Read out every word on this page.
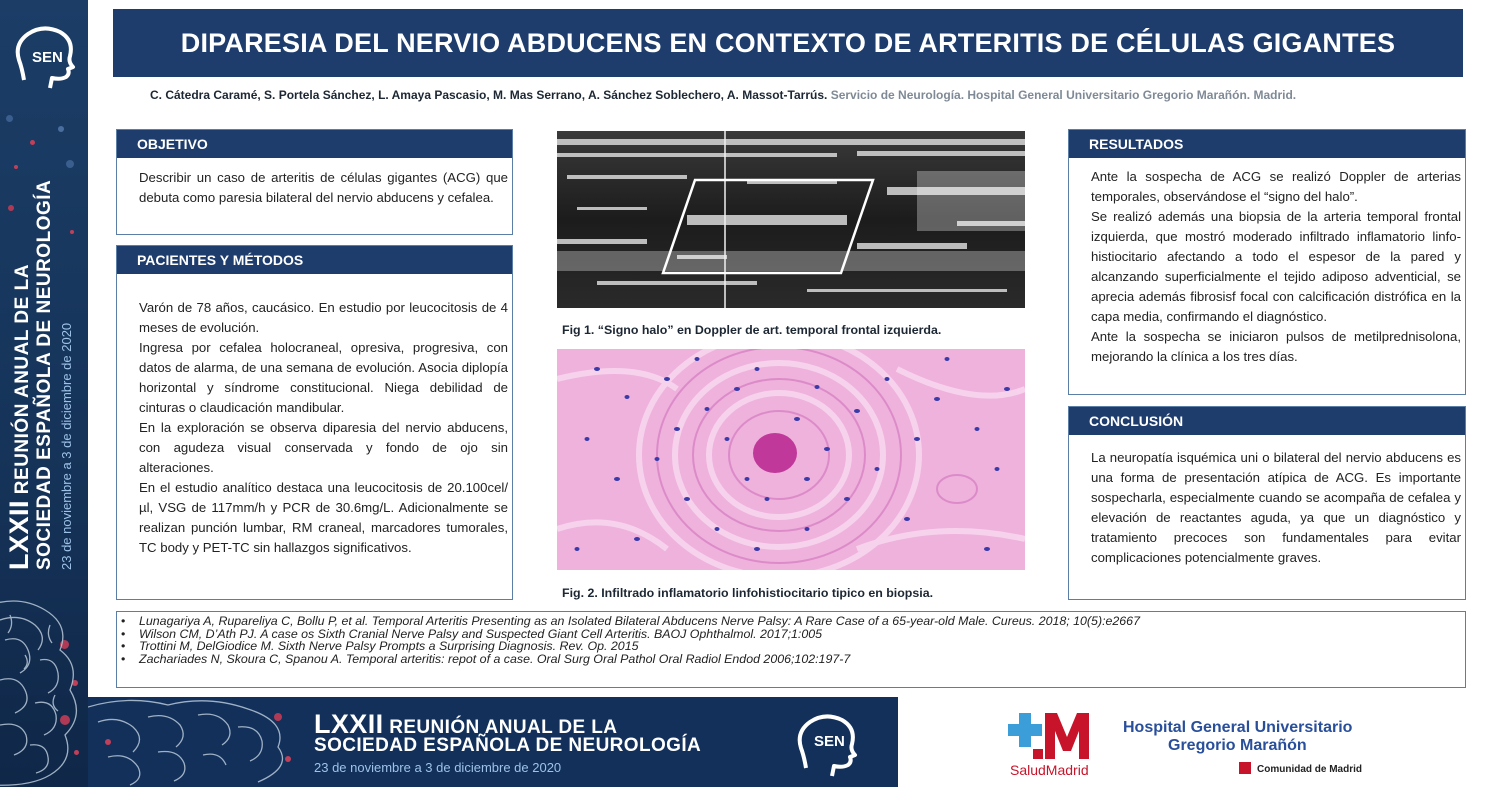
SEN
LXXII REUNIÓN ANUAL DE LA SOCIEDAD ESPAÑOLA DE NEUROLOGÍA 23 de noviembre a 3 de diciembre de 2020
DIPARESIA DEL NERVIO ABDUCENS EN CONTEXTO DE ARTERITIS DE CÉLULAS GIGANTES
C. Cátedra Caramé, S. Portela Sánchez, L. Amaya Pascasio, M. Mas Serrano, A. Sánchez Soblechero, A. Massot-Tarrús. Servicio de Neurología. Hospital General Universitario Gregorio Marañón. Madrid.
OBJETIVO

Describir un caso de arteritis de células gigantes (ACG) que debuta como paresia bilateral del nervio abducens y cefalea.

PACIENTES Y MÉTODOS

Varón de 78 años, caucásico. En estudio por leucocitosis de 4 meses de evolución.

Ingresa por cefalea holocraneal, opresiva, progresiva, con datos de alarma, de una semana de evolución. Asocia diplopía horizontal y síndrome constitucional. Niega debilidad de cinturas o claudicación mandibular.

En la exploración se observa diparesia del nervio abducens, con agudeza visual conservada y fondo de ojo sin alteraciones.

En el estudio analítico destaca una leucocitosis de 20.100cel/µl, VSG de 117mm/h y PCR de 30.6mg/L. Adicionalmente se realizan punción lumbar, RM craneal, marcadores tumorales, TC body y PET-TC sin hallazgos significativos.

Fig 1. “Signo halo” en Doppler de art. temporal frontal izquierda.
Fig. 2. Infiltrado inflamatorio linfohistiocitario tipico en biopsia.
RESULTADOS

Ante la sospecha de ACG se realizó Doppler de arterias temporales, observándose el “signo del halo”.

Se realizó además una biopsia de la arteria temporal frontal izquierda, que mostró moderado infiltrado inflamatorio linfo-histiocitario afectando a todo el espesor de la pared y alcanzando superficialmente el tejido adiposo adventicial, se aprecia además fibrosisf focal con calcificación distrófica en la capa media, confirmando el diagnóstico.

Ante la sospecha se iniciaron pulsos de metilprednisolona, mejorando la clínica a los tres días.

CONCLUSIÓN

La neuropatía isquémica uni o bilateral del nervio abducens es una forma de presentación atípica de ACG. Es importante sospecharla, especialmente cuando se acompaña de cefalea y elevación de reactantes aguda, ya que un diagnóstico y tratamiento precoces son fundamentales para evitar complicaciones potencialmente graves.

• Lunagariya A, Rupareliya C, Bollu P, et al. Temporal Arteritis Presenting as an Isolated Bilateral Abducens Nerve Palsy: A Rare Case of a 65-year-old Male. Cureus. 2018; 10(5):e2667
• Wilson CM, D’Ath PJ. A case os Sixth Cranial Nerve Palsy and Suspected Giant Cell Arteritis. BAOJ Ophthalmol. 2017;1:005
• Trottini M, DelGiodice M. Sixth Nerve Palsy Prompts a Surprising Diagnosis. Rev. Op. 2015
• Zachariades N, Skoura C, Spanou A. Temporal arteritis: repot of a case. Oral Surg Oral Pathol Oral Radiol Endod 2006;102:197-7
LXXII REUNIÓN ANUAL DE LA
SOCIEDAD ESPAÑOLA DE NEUROLOGÍA
23 de noviembre a 3 de diciembre de 2020
SEN
Hospital General Universitario
Gregorio Marañón
SaludMadrid	Comunidad de Madrid
